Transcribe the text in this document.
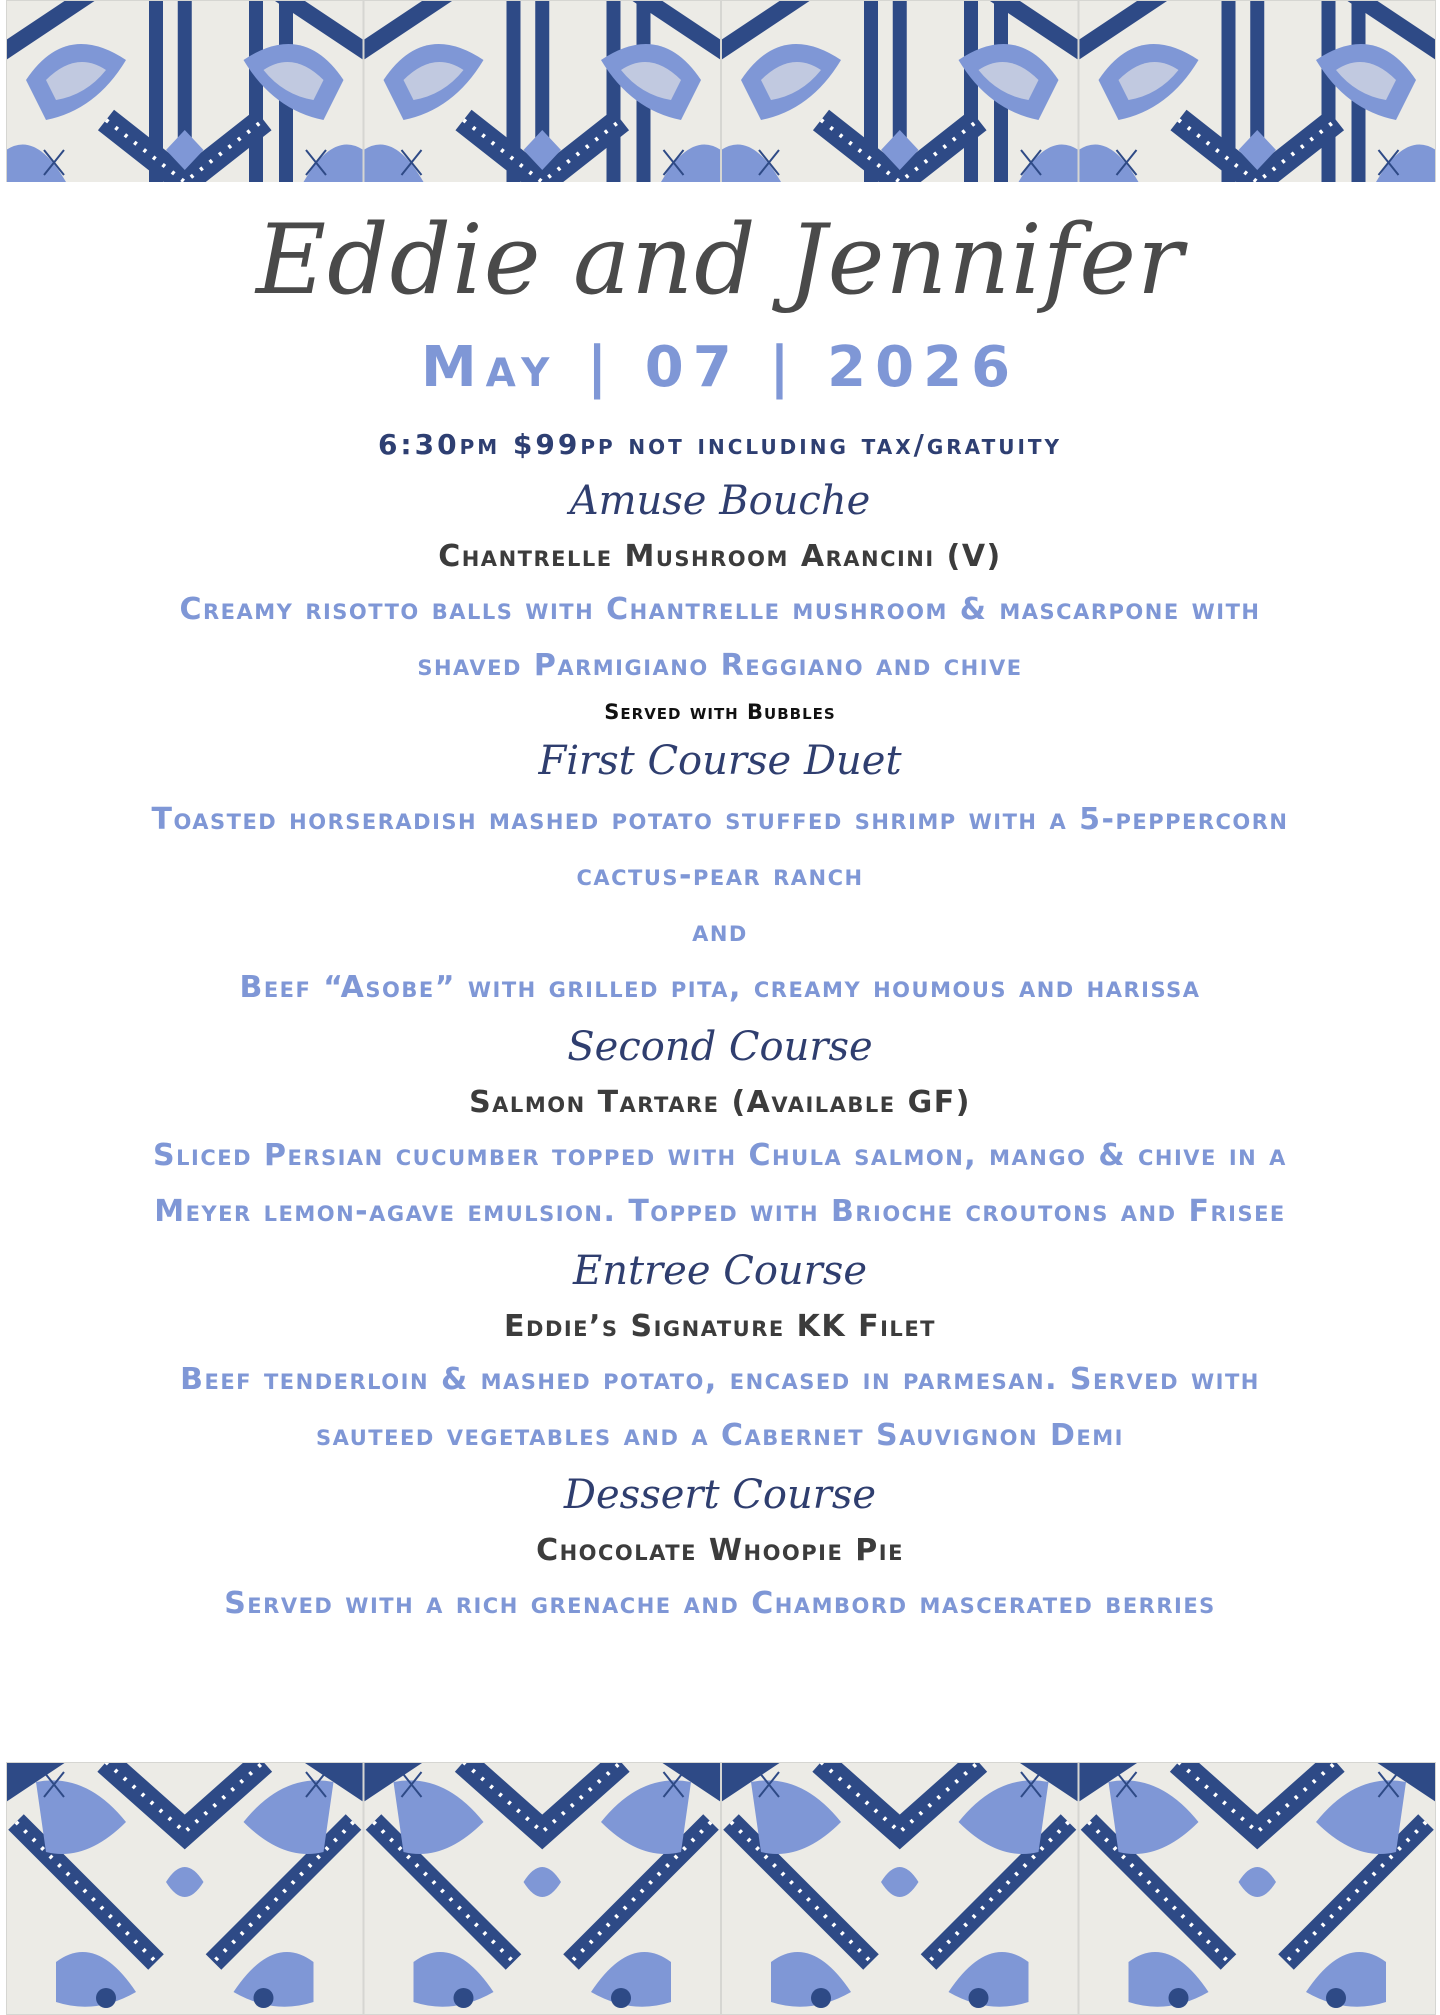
Eddie and Jennifer
May | 07 | 2026
6:30pm $99pp not including tax/gratuity
Amuse Bouche
Chantrelle Mushroom Arancini (V)
Creamy risotto balls with Chantrelle mushroom & mascarpone with
shaved Parmigiano Reggiano and chive
Served with Bubbles
First Course Duet
Toasted horseradish mashed potato stuffed shrimp with a 5-peppercorn
cactus-pear ranch
and
Beef “Asobe” with grilled pita, creamy houmous and harissa
Second Course
Salmon Tartare (Available GF)
Sliced Persian cucumber topped with Chula salmon, mango & chive in a
Meyer lemon-agave emulsion. Topped with Brioche croutons and Frisee
Entree Course
Eddie’s Signature KK Filet
Beef tenderloin & mashed potato, encased in parmesan. Served with
sauteed vegetables and a Cabernet Sauvignon Demi
Dessert Course
Chocolate Whoopie Pie
Served with a rich grenache and Chambord mascerated berries
